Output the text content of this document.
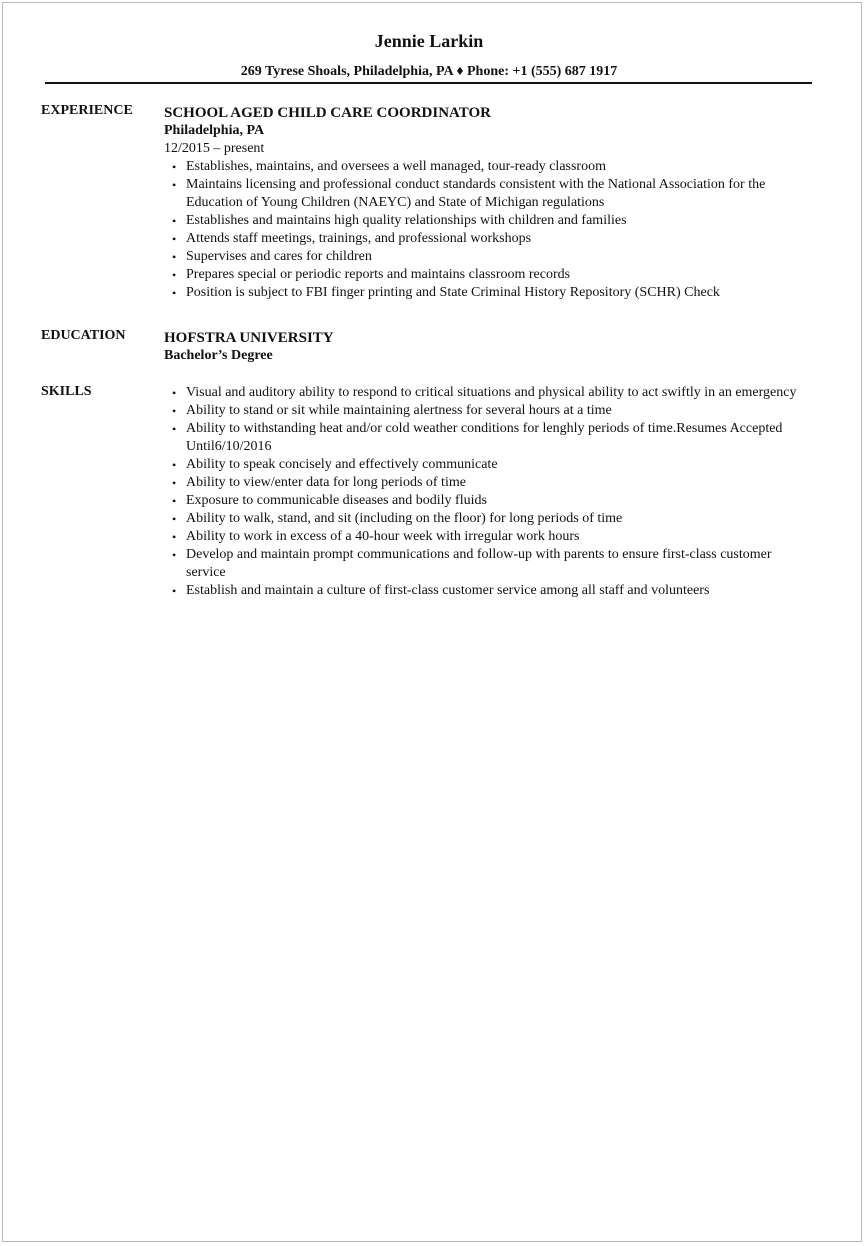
Jennie Larkin
269 Tyrese Shoals, Philadelphia, PA ♦ Phone: +1 (555) 687 1917
EXPERIENCE SCHOOL AGED CHILD CARE COORDINATOR
Philadelphia, PA
12/2015 – present
• Establishes, maintains, and oversees a well managed, tour-ready classroom
• Maintains licensing and professional conduct standards consistent with the National Association for the Education of Young Children (NAEYC) and State of Michigan regulations
• Establishes and maintains high quality relationships with children and families
• Attends staff meetings, trainings, and professional workshops
• Supervises and cares for children
• Prepares special or periodic reports and maintains classroom records
• Position is subject to FBI finger printing and State Criminal History Repository (SCHR) Check
EDUCATION	HOFSTRA UNIVERSITY
Bachelor’s Degree
SKILLS	• Visual and auditory ability to respond to critical situations and physical ability to act swiftly in an emergency
• Ability to stand or sit while maintaining alertness for several hours at a time
• Ability to withstanding heat and/or cold weather conditions for lenghly periods of time.Resumes Accepted Until6/10/2016
• Ability to speak concisely and effectively communicate
• Ability to view/enter data for long periods of time
• Exposure to communicable diseases and bodily fluids
• Ability to walk, stand, and sit (including on the floor) for long periods of time
• Ability to work in excess of a 40-hour week with irregular work hours
• Develop and maintain prompt communications and follow-up with parents to ensure first-class customer service
• Establish and maintain a culture of first-class customer service among all staff and volunteers
